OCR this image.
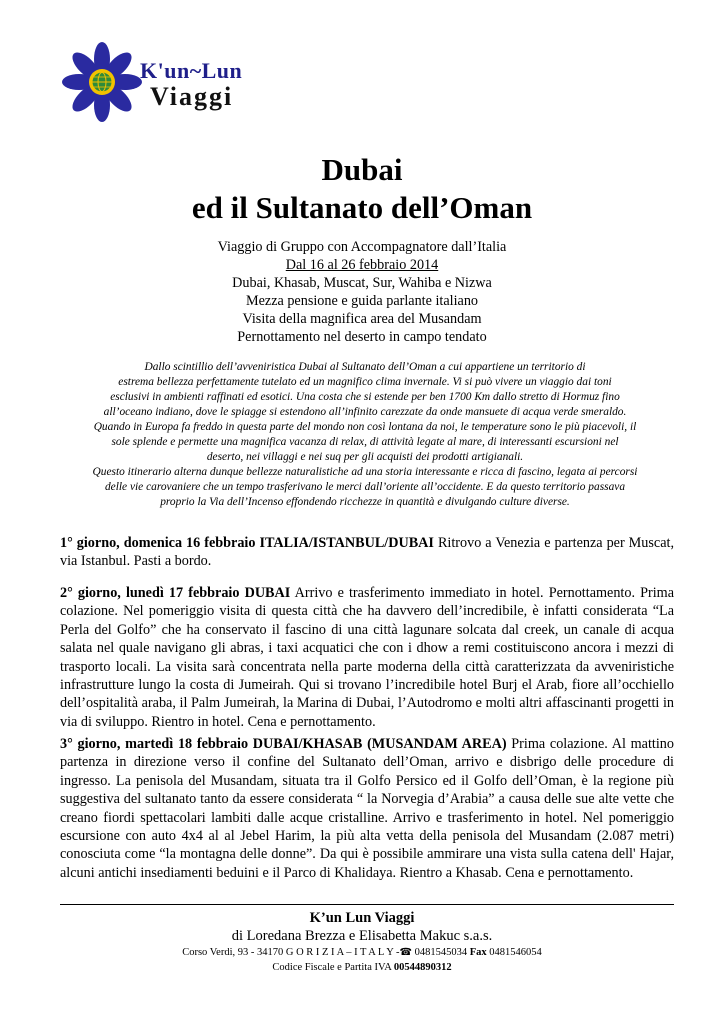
K'un~Lun
Viaggi
Dubai
ed il Sultanato dell’Oman
Viaggio di Gruppo con Accompagnatore dall’Italia
Dal 16 al 26 febbraio 2014
Dubai, Khasab, Muscat, Sur, Wahiba e Nizwa
Mezza pensione e guida parlante italiano
Visita della magnifica area del Musandam
Pernottamento nel deserto in campo tendato

Dallo scintillio dell’avveniristica Dubai al Sultanato dell’Oman a cui appartiene un territorio di

estrema bellezza perfettamente tutelato ed un magnifico clima invernale. Vi si può vivere un viaggio dai toni

esclusivi in ambienti raffinati ed esotici. Una costa che si estende per ben 1700 Km dallo stretto di Hormuz fino

all’oceano indiano, dove le spiagge si estendono all’infinito carezzate da onde mansuete di acqua verde smeraldo.

Quando in Europa fa freddo in questa parte del mondo non così lontana da noi, le temperature sono le più piacevoli, il

sole splende e permette una magnifica vacanza di relax, di attività legate al mare, di interessanti escursioni nel

deserto, nei villaggi e nei suq per gli acquisti dei prodotti artigianali.

Questo itinerario alterna dunque bellezze naturalistiche ad una storia interessante e ricca di fascino, legata ai percorsi

delle vie carovaniere che un tempo trasferivano le merci dall’oriente all’occidente. E da questo territorio passava

proprio la Via dell’Incenso effondendo ricchezze in quantità e divulgando culture diverse.

1° giorno, domenica 16 febbraio ITALIA/ISTANBUL/DUBAI Ritrovo a Venezia e partenza per Muscat, via Istanbul. Pasti a bordo.

2° giorno, lunedì 17 febbraio DUBAI Arrivo e trasferimento immediato in hotel. Pernottamento. Prima colazione. Nel pomeriggio visita di questa città che ha davvero dell’incredibile, è infatti considerata “La Perla del Golfo” che ha conservato il fascino di una città lagunare solcata dal creek, un canale di acqua salata nel quale navigano gli abras, i taxi acquatici che con i dhow a remi costituiscono ancora i mezzi di trasporto locali. La visita sarà concentrata nella parte moderna della città caratterizzata da avveniristiche infrastrutture lungo la costa di Jumeirah. Qui si trovano l’incredibile hotel Burj el Arab, fiore all’occhiello dell’ospitalità araba, il Palm Jumeirah, la Marina di Dubai, l’Autodromo e molti altri affascinanti progetti in via di sviluppo. Rientro in hotel. Cena e pernottamento.

3° giorno, martedì 18 febbraio DUBAI/KHASAB (MUSANDAM AREA) Prima colazione. Al mattino partenza in direzione verso il confine del Sultanato dell’Oman, arrivo e disbrigo delle procedure di ingresso. La penisola del Musandam, situata tra il Golfo Persico ed il Golfo dell’Oman, è la regione più suggestiva del sultanato tanto da essere considerata “ la Norvegia d’Arabia” a causa delle sue alte vette che creano fiordi spettacolari lambiti dalle acque cristalline. Arrivo e trasferimento in hotel. Nel pomeriggio escursione con auto 4x4 al al Jebel Harim, la più alta vetta della penisola del Musandam (2.087 metri) conosciuta come “la montagna delle donne”. Da qui è possibile ammirare una vista sulla catena dell' Hajar, alcuni antichi insediamenti beduini e il Parco di Khalidaya. Rientro a Khasab. Cena e pernottamento.

K’un Lun Viaggi
di Loredana Brezza e Elisabetta Makuc s.a.s.
Corso Verdi, 93 - 34170 G O R I Z I A – I T A L Y -☎ 0481545034 Fax 0481546054
Codice Fiscale e Partita IVA 00544890312
